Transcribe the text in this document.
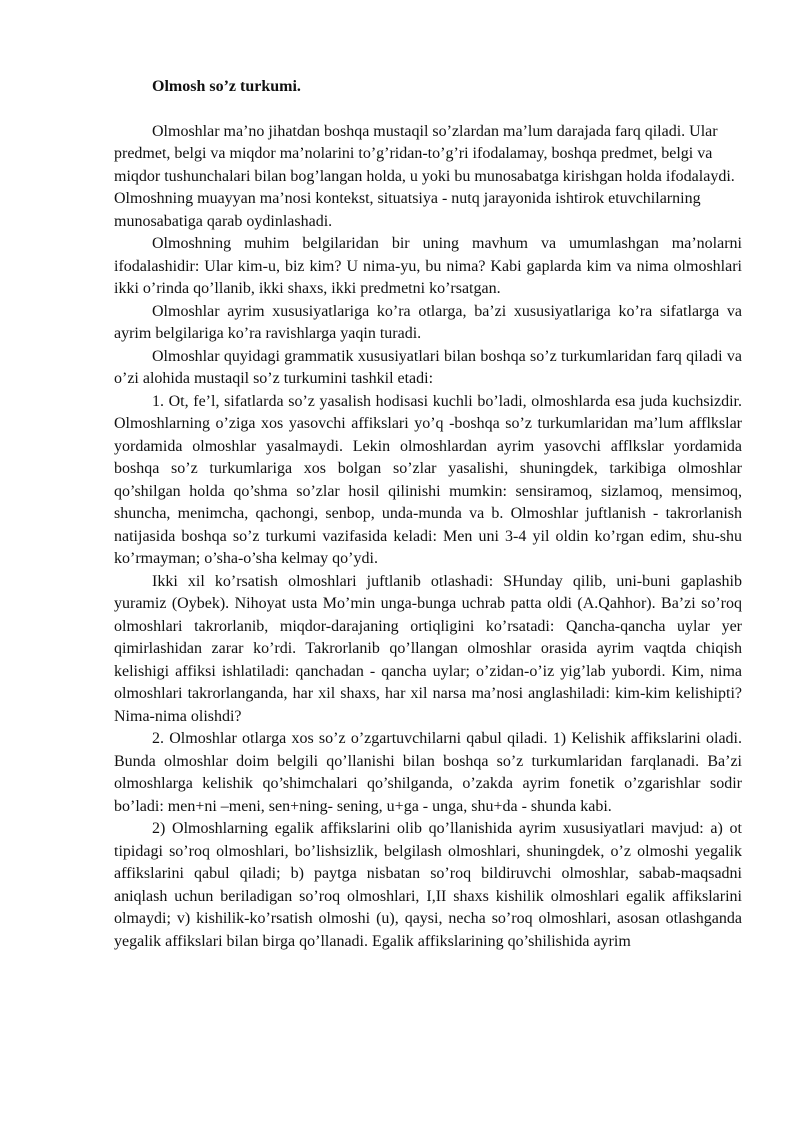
Olmosh so’z turkumi.

Olmoshlar ma’no jihatdan boshqa mustaqil so’zlardan ma’lum darajada farq qiladi. Ular predmet, belgi va miqdor ma’nolarini to’g’ridan-to’g’ri ifodalamay, boshqa predmet, belgi va miqdor tushunchalari bilan bog’langan holda, u yoki bu munosabatga kirishgan holda ifodalaydi. Olmoshning muayyan ma’nosi kontekst, situatsiya - nutq jarayonida ishtirok etuvchilarning munosabatiga qarab oydinlashadi.

Olmoshning muhim belgilaridan bir uning mavhum va umumlashgan ma’nolarni ifodalashidir: Ular kim-u, biz kim? U nima-yu, bu nima? Kabi gaplarda kim va nima olmoshlari ikki o’rinda qo’llanib, ikki shaxs, ikki predmetni ko’rsatgan.

Olmoshlar ayrim xususiyatlariga ko’ra otlarga, ba’zi xususiyatlariga ko’ra sifatlarga va ayrim belgilariga ko’ra ravishlarga yaqin turadi.

Olmoshlar quyidagi grammatik xususiyatlari bilan boshqa so’z turkumlaridan farq qiladi va o’zi alohida mustaqil so’z turkumini tashkil etadi:

1. Ot, fe’l, sifatlarda so’z yasalish hodisasi kuchli bo’ladi, olmoshlarda esa juda kuchsizdir. Olmoshlarning o’ziga xos yasovchi affikslari yo’q -boshqa so’z turkumlaridan ma’lum afflkslar yordamida olmoshlar yasalmaydi. Lekin olmoshlardan ayrim yasovchi afflkslar yordamida boshqa so’z turkumlariga xos bolgan so’zlar yasalishi, shuningdek, tarkibiga olmoshlar qo’shilgan holda qo’shma so’zlar hosil qilinishi mumkin: sensiramoq, sizlamoq, mensimoq, shuncha, menimcha, qachongi, senbop, unda-munda va b. Olmoshlar juftlanish - takrorlanish natijasida boshqa so’z turkumi vazifasida keladi: Men uni 3-4 yil oldin ko’rgan edim, shu-shu ko’rmayman; o’sha-o’sha kelmay qo’ydi.

Ikki xil ko’rsatish olmoshlari juftlanib otlashadi: SHunday qilib, uni-buni gaplashib yuramiz (Oybek). Nihoyat usta Mo’min unga-bunga uchrab patta oldi (A.Qahhor). Ba’zi so’roq olmoshlari takrorlanib, miqdor-darajaning ortiqligini ko’rsatadi: Qancha-qancha uylar yer qimirlashidan zarar ko’rdi. Takrorlanib qo’llangan olmoshlar orasida ayrim vaqtda chiqish kelishigi affiksi ishlatiladi: qanchadan - qancha uylar; o’zidan-o’iz yig’lab yubordi. Kim, nima olmoshlari takrorlanganda, har xil shaxs, har xil narsa ma’nosi anglashiladi: kim-kim kelishipti? Nima-nima olishdi?

2. Olmoshlar otlarga xos so’z o’zgartuvchilarni qabul qiladi. 1) Kelishik affikslarini oladi. Bunda olmoshlar doim belgili qo’llanishi bilan boshqa so’z turkumlaridan farqlanadi. Ba’zi olmoshlarga kelishik qo’shimchalari qo’shilganda, o’zakda ayrim fonetik o’zgarishlar sodir bo’ladi: men+ni –meni, sen+ning- sening, u+ga - unga, shu+da - shunda kabi.

2) Olmoshlarning egalik affikslarini olib qo’llanishida ayrim xususiyatlari mavjud: a) ot tipidagi so’roq olmoshlari, bo’lishsizlik, belgilash olmoshlari, shuningdek, o’z olmoshi yegalik affikslarini qabul qiladi; b) paytga nisbatan so’roq bildiruvchi olmoshlar, sabab-maqsadni aniqlash uchun beriladigan so’roq olmoshlari, I,II shaxs kishilik olmoshlari egalik affikslarini olmaydi; v) kishilik-ko’rsatish olmoshi (u), qaysi, necha so’roq olmoshlari, asosan otlashganda yegalik affikslari bilan birga qo’llanadi. Egalik affikslarining qo’shilishida ayrim
